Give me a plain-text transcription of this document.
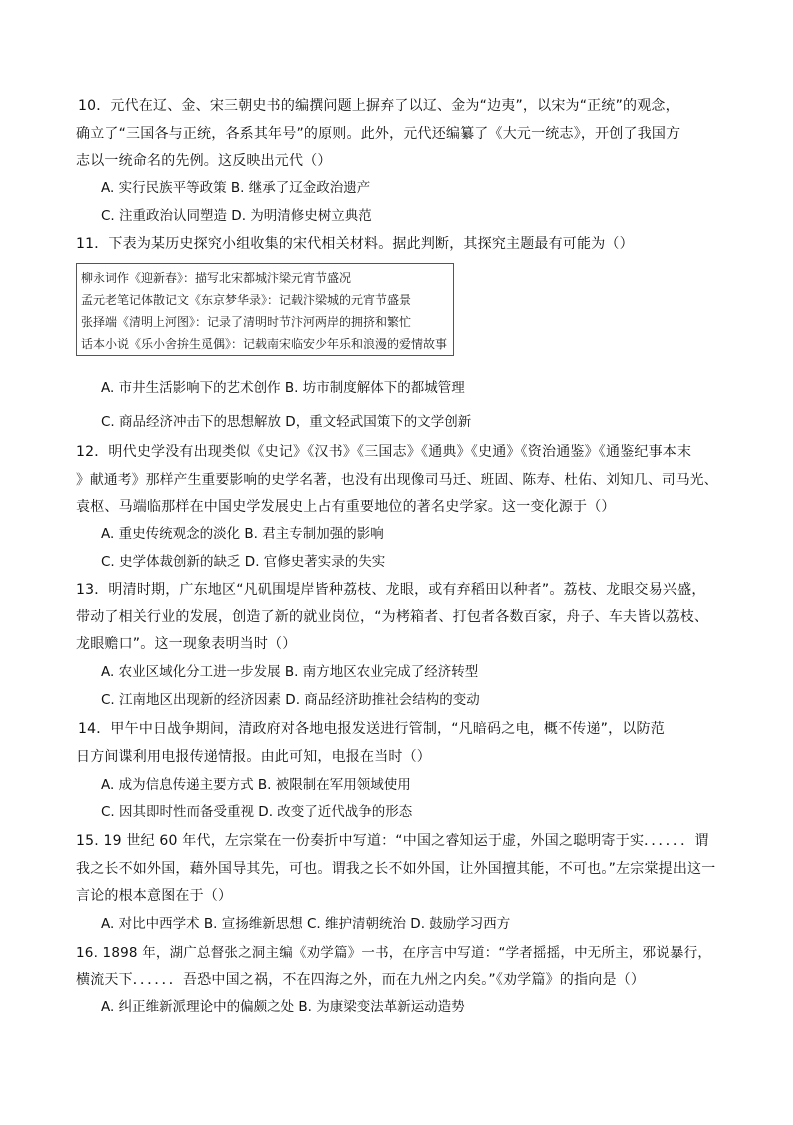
10．元代在辽、金、宋三朝史书的编撰问题上摒弃了以辽、金为“边夷”，以宋为“正统”的观念，
确立了“三国各与正统，各系其年号”的原则。此外，元代还编纂了《大元一统志》，开创了我国方
志以一统命名的先例。这反映出元代（）
A. 实行民族平等政策 B. 继承了辽金政治遗产
C. 注重政治认同塑造 D. 为明清修史树立典范
11．下表为某历史探究小组收集的宋代相关材料。据此判断，其探究主题最有可能为（）
柳永词作《迎新春》：描写北宋都城汴梁元宵节盛况
孟元老笔记体散记文《东京梦华录》：记载汴梁城的元宵节盛景
张择端《清明上河图》：记录了清明时节汴河两岸的拥挤和繁忙
话本小说《乐小舍拚生觅偶》：记载南宋临安少年乐和浪漫的爱情故事
A. 市井生活影响下的艺术创作 B. 坊市制度解体下的都城管理
C. 商品经济冲击下的思想解放 D，重文轻武国策下的文学创新
12．明代史学没有出现类似《史记》《汉书》《三国志》《通典》《史通》《资治通鉴》《通鉴纪事本末
》献通考》那样产生重要影响的史学名著，也没有出现像司马迁、班固、陈寿、杜佑、刘知几、司马光、
袁枢、马端临那样在中国史学发展史上占有重要地位的著名史学家。这一变化源于（）
A. 重史传统观念的淡化 B. 君主专制加强的影响
C. 史学体裁创新的缺乏 D. 官修史著实录的失实
13．明清时期，广东地区“凡矶围堤岸皆种荔枝、龙眼，或有弃稻田以种者”。荔枝、龙眼交易兴盛，
带动了相关行业的发展，创造了新的就业岗位，“为栲箱者、打包者各数百家，舟子、车夫皆以荔枝、
龙眼赡口”。这一现象表明当时（）
A. 农业区域化分工进一步发展 B. 南方地区农业完成了经济转型
C. 江南地区出现新的经济因素 D. 商品经济助推社会结构的变动
14．甲午中日战争期间，清政府对各地电报发送进行管制，“凡暗码之电，概不传递”，以防范
日方间谍利用电报传递情报。由此可知，电报在当时（）
A. 成为信息传递主要方式 B. 被限制在军用领域使用
C. 因其即时性而备受重视 D. 改变了近代战争的形态
15. 19 世纪 60 年代，左宗棠在一份奏折中写道：“中国之睿知运于虚，外国之聪明寄于实．．．．．．谓
我之长不如外国，藉外国导其先，可也。谓我之长不如外国，让外国擅其能，不可也。”左宗棠提出这一
言论的根本意图在于（）
A. 对比中西学术 B. 宣扬维新思想 C. 维护清朝统治 D. 鼓励学习西方
16. 1898 年，湖广总督张之洞主编《劝学篇》一书，在序言中写道：“学者摇摇，中无所主，邪说暴行，
横流天下．．．．．．吾恐中国之祸，不在四海之外，而在九州之内矣。”《劝学篇》的指向是（）
A. 纠正维新派理论中的偏颇之处 B. 为康梁变法革新运动造势
